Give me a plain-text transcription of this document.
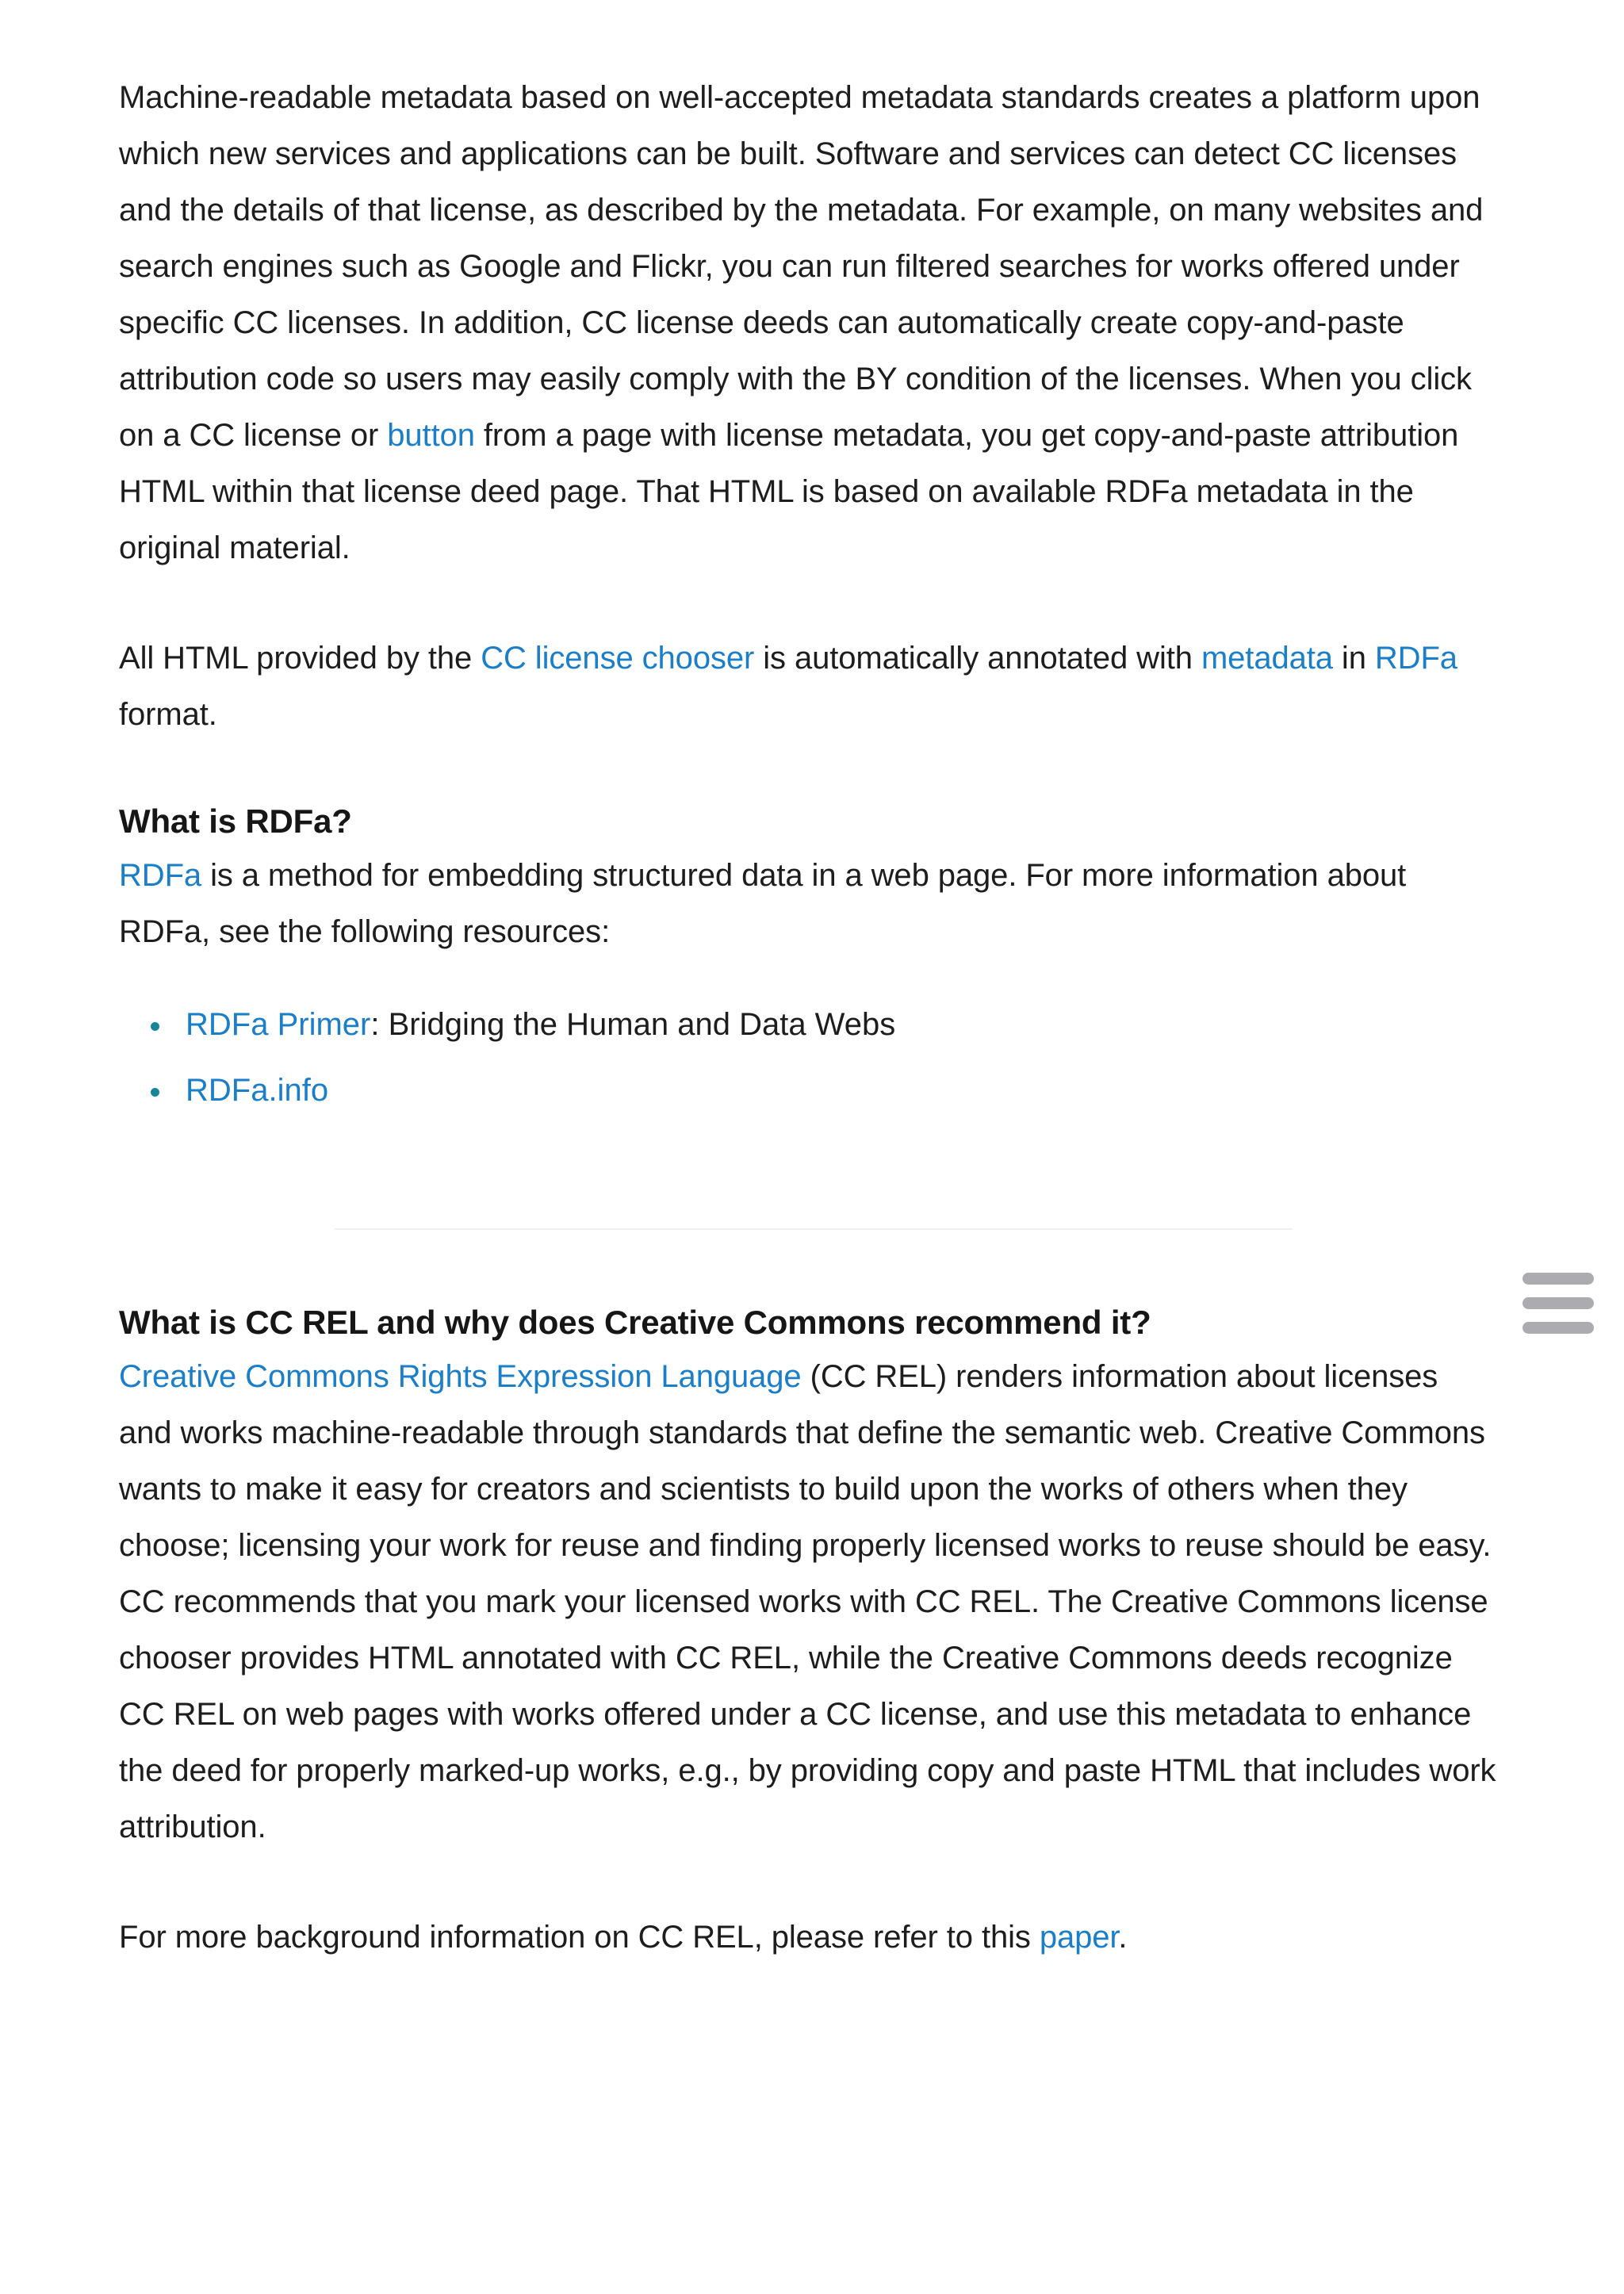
Machine-readable metadata based on well-accepted metadata standards creates a platform upon which new services and applications can be built. Software and services can detect CC licenses and the details of that license, as described by the metadata. For example, on many websites and search engines such as Google and Flickr, you can run filtered searches for works offered under specific CC licenses. In addition, CC license deeds can automatically create copy-and-paste attribution code so users may easily comply with the BY condition of the licenses. When you click on a CC license or button from a page with license metadata, you get copy-and-paste attribution HTML within that license deed page. That HTML is based on available RDFa metadata in the original material.

All HTML provided by the CC license chooser is automatically annotated with metadata in RDFa format.

What is RDFa?

RDFa is a method for embedding structured data in a web page. For more information about RDFa, see the following resources:

RDFa Primer: Bridging the Human and Data Webs
RDFa.info
What is CC REL and why does Creative Commons recommend it?

Creative Commons Rights Expression Language (CC REL) renders information about licenses and works machine-readable through standards that define the semantic web. Creative Commons wants to make it easy for creators and scientists to build upon the works of others when they choose; licensing your work for reuse and finding properly licensed works to reuse should be easy. CC recommends that you mark your licensed works with CC REL. The Creative Commons license chooser provides HTML annotated with CC REL, while the Creative Commons deeds recognize CC REL on web pages with works offered under a CC license, and use this metadata to enhance the deed for properly marked-up works, e.g., by providing copy and paste HTML that includes work attribution.

For more background information on CC REL, please refer to this paper.
